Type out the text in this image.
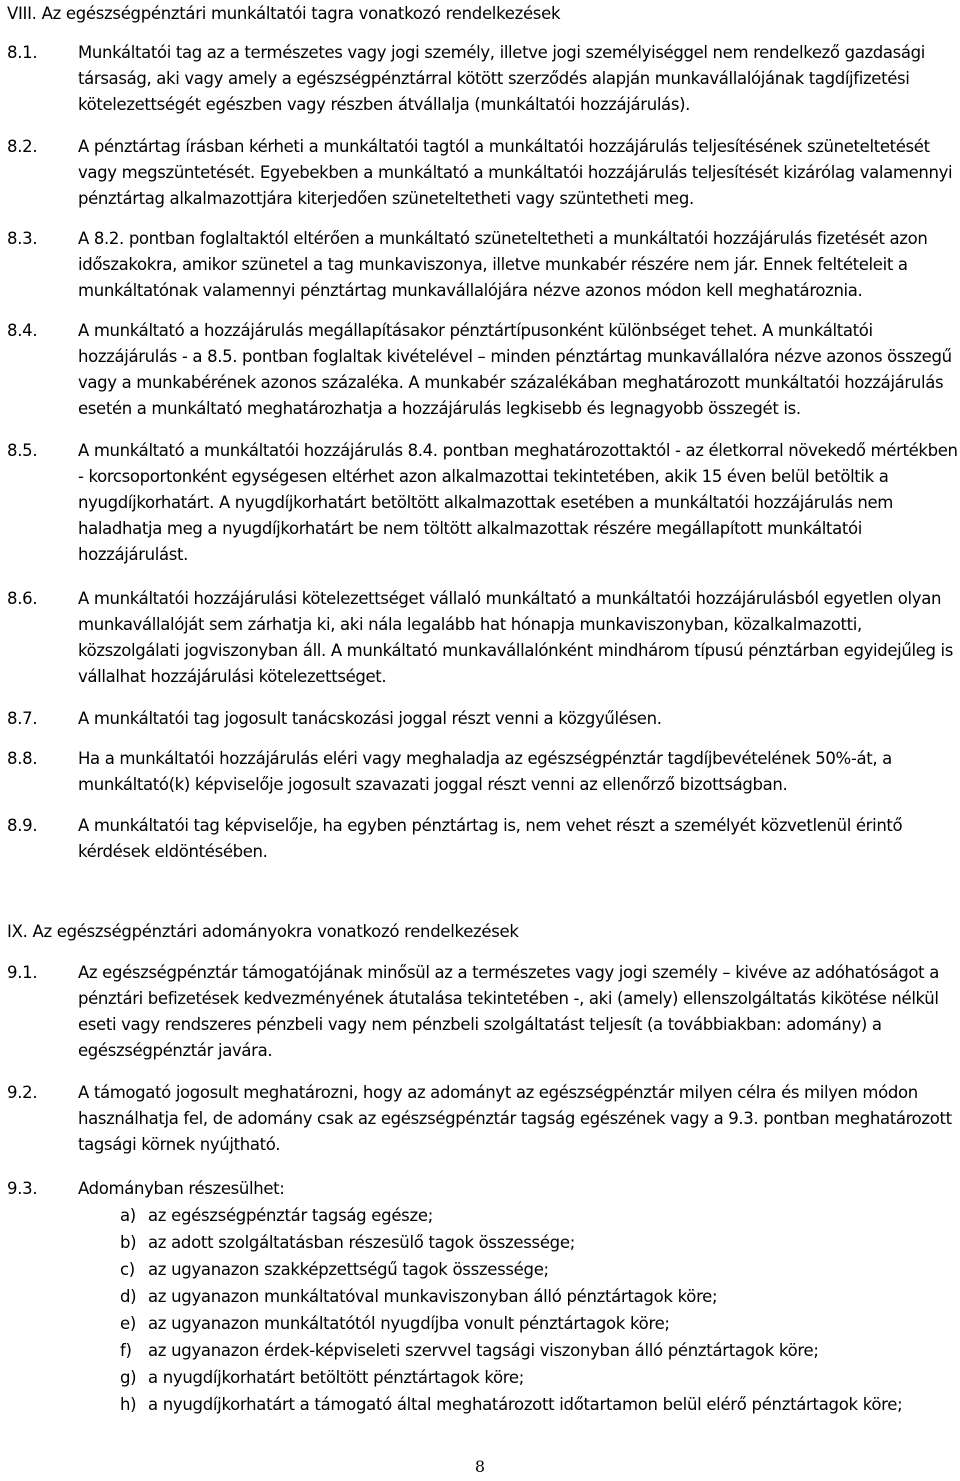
VIII. Az egészségpénztári munkáltatói tagra vonatkozó rendelkezések
8.1. Munkáltatói tag az a természetes vagy jogi személy, illetve jogi személyiséggel nem rendelkező gazdasági társaság, aki vagy amely a egészségpénztárral kötött szerződés alapján munkavállalójának tagdíjfizetési kötelezettségét egészben vagy részben átvállalja (munkáltatói hozzájárulás).
8.2. A pénztártag írásban kérheti a munkáltatói tagtól a munkáltatói hozzájárulás teljesítésének szüneteltetését vagy megszüntetését. Egyebekben a munkáltató a munkáltatói hozzájárulás teljesítését kizárólag valamennyi pénztártag alkalmazottjára kiterjedően szüneteltetheti vagy szüntetheti meg.
8.3. A 8.2. pontban foglaltaktól eltérően a munkáltató szüneteltetheti a munkáltatói hozzájárulás fizetését azon időszakokra, amikor szünetel a tag munkaviszonya, illetve munkabér részére nem jár. Ennek feltételeit a munkáltatónak valamennyi pénztártag munkavállalójára nézve azonos módon kell meghatároznia.
8.4. A munkáltató a hozzájárulás megállapításakor pénztártípusonként különbséget tehet. A munkáltatói hozzájárulás - a 8.5. pontban foglaltak kivételével – minden pénztártag munkavállalóra nézve azonos összegű vagy a munkabérének azonos százaléka. A munkabér százalékában meghatározott munkáltatói hozzájárulás esetén a munkáltató meghatározhatja a hozzájárulás legkisebb és legnagyobb összegét is.
8.5. A munkáltató a munkáltatói hozzájárulás 8.4. pontban meghatározottaktól - az életkorral növekedő mértékben - korcsoportonként egységesen eltérhet azon alkalmazottai tekintetében, akik 15 éven belül betöltik a nyugdíjkorhatárt. A nyugdíjkorhatárt betöltött alkalmazottak esetében a munkáltatói hozzájárulás nem haladhatja meg a nyugdíjkorhatárt be nem töltött alkalmazottak részére megállapított munkáltatói hozzájárulást.
8.6. A munkáltatói hozzájárulási kötelezettséget vállaló munkáltató a munkáltatói hozzájárulásból egyetlen olyan munkavállalóját sem zárhatja ki, aki nála legalább hat hónapja munkaviszonyban, közalkalmazotti, közszolgálati jogviszonyban áll. A munkáltató munkavállalónként mindhárom típusú pénztárban egyidejűleg is vállalhat hozzájárulási kötelezettséget.
8.7. A munkáltatói tag jogosult tanácskozási joggal részt venni a közgyűlésen.
8.8. Ha a munkáltatói hozzájárulás eléri vagy meghaladja az egészségpénztár tagdíjbevételének 50%-át, a munkáltató(k) képviselője jogosult szavazati joggal részt venni az ellenőrző bizottságban.
8.9. A munkáltatói tag képviselője, ha egyben pénztártag is, nem vehet részt a személyét közvetlenül érintő kérdések eldöntésében.
IX. Az egészségpénztári adományokra vonatkozó rendelkezések
9.1. Az egészségpénztár támogatójának minősül az a természetes vagy jogi személy – kivéve az adóhatóságot a pénztári befizetések kedvezményének átutalása tekintetében -, aki (amely) ellenszolgáltatás kikötése nélkül eseti vagy rendszeres pénzbeli vagy nem pénzbeli szolgáltatást teljesít (a továbbiakban: adomány) a egészségpénztár javára.
9.2. A támogató jogosult meghatározni, hogy az adományt az egészségpénztár milyen célra és milyen módon használhatja fel, de adomány csak az egészségpénztár tagság egészének vagy a 9.3. pontban meghatározott tagsági körnek nyújtható.
9.3. Adományban részesülhet:
a) az egészségpénztár tagság egésze;
b) az adott szolgáltatásban részesülő tagok összessége;
c) az ugyanazon szakképzettségű tagok összessége;
d) az ugyanazon munkáltatóval munkaviszonyban álló pénztártagok köre;
e) az ugyanazon munkáltatótól nyugdíjba vonult pénztártagok köre;
f) az ugyanazon érdek-képviseleti szervvel tagsági viszonyban álló pénztártagok köre;
g) a nyugdíjkorhatárt betöltött pénztártagok köre;
h) a nyugdíjkorhatárt a támogató által meghatározott időtartamon belül elérő pénztártagok köre;
8
